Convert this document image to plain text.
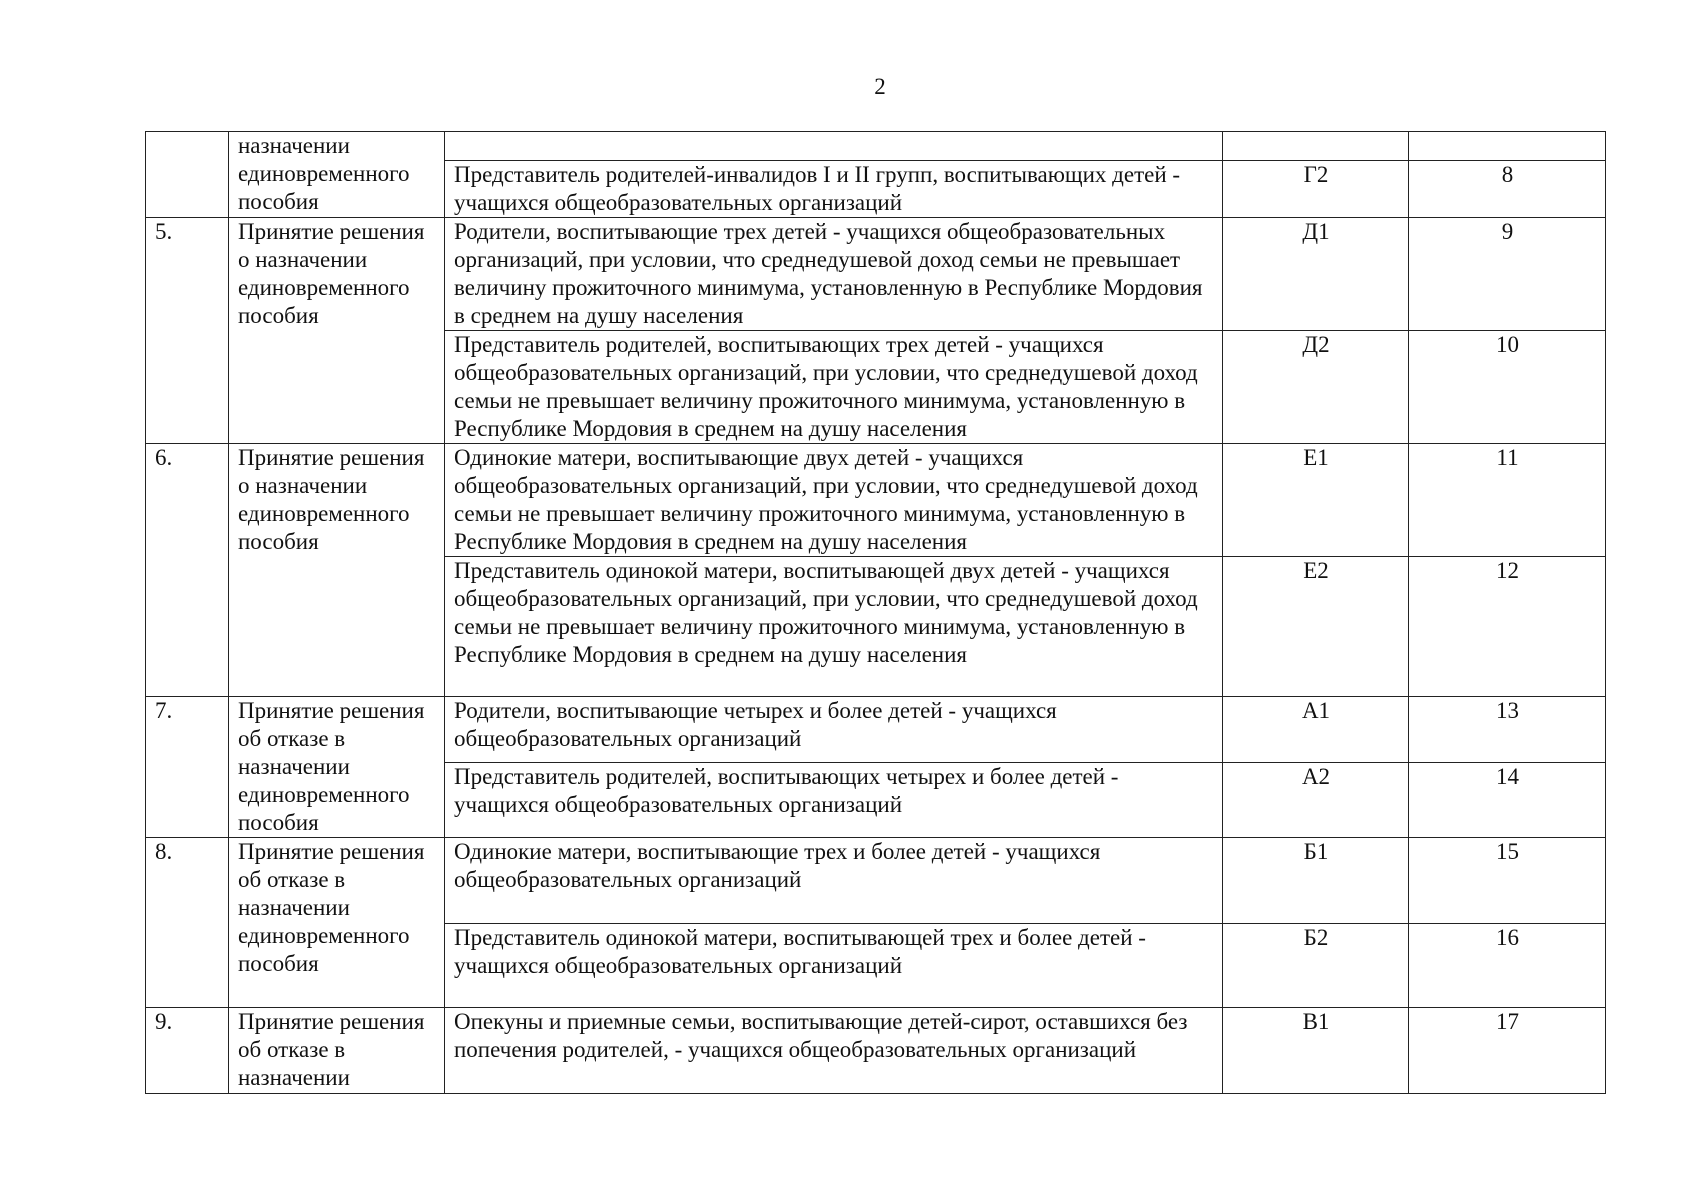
2
	назначении единовременного пособия			
		Представитель родителей-инвалидов I и II групп, воспитывающих детей - учащихся общеобразовательных организаций	Г2	8
5.	Принятие решения о назначении единовременного пособия	Родители, воспитывающие трех детей - учащихся общеобразовательных организаций, при условии, что среднедушевой доход семьи не превышает величину прожиточного минимума, установленную в Республике Мордовия в среднем на душу населения	Д1	9
		Представитель родителей, воспитывающих трех детей - учащихся общеобразовательных организаций, при условии, что среднедушевой доход семьи не превышает величину прожиточного минимума, установленную в Республике Мордовия в среднем на душу населения	Д2	10
6.	Принятие решения о назначении единовременного пособия	Одинокие матери, воспитывающие двух детей - учащихся общеобразовательных организаций, при условии, что среднедушевой доход семьи не превышает величину прожиточного минимума, установленную в Республике Мордовия в среднем на душу населения	Е1	11
		Представитель одинокой матери, воспитывающей двух детей - учащихся общеобразовательных организаций, при условии, что среднедушевой доход семьи не превышает величину прожиточного минимума, установленную в Республике Мордовия в среднем на душу населения	Е2	12
7.	Принятие решения об отказе в назначении единовременного пособия	Родители, воспитывающие четырех и более детей - учащихся общеобразовательных организаций	А1	13
		Представитель родителей, воспитывающих четырех и более детей - учащихся общеобразовательных организаций	А2	14
8.	Принятие решения об отказе в назначении единовременного пособия	Одинокие матери, воспитывающие трех и более детей - учащихся общеобразовательных организаций	Б1	15
		Представитель одинокой матери, воспитывающей трех и более детей - учащихся общеобразовательных организаций	Б2	16
9.	Принятие решения об отказе в назначении	Опекуны и приемные семьи, воспитывающие детей-сирот, оставшихся без попечения родителей, - учащихся общеобразовательных организаций	В1	17
